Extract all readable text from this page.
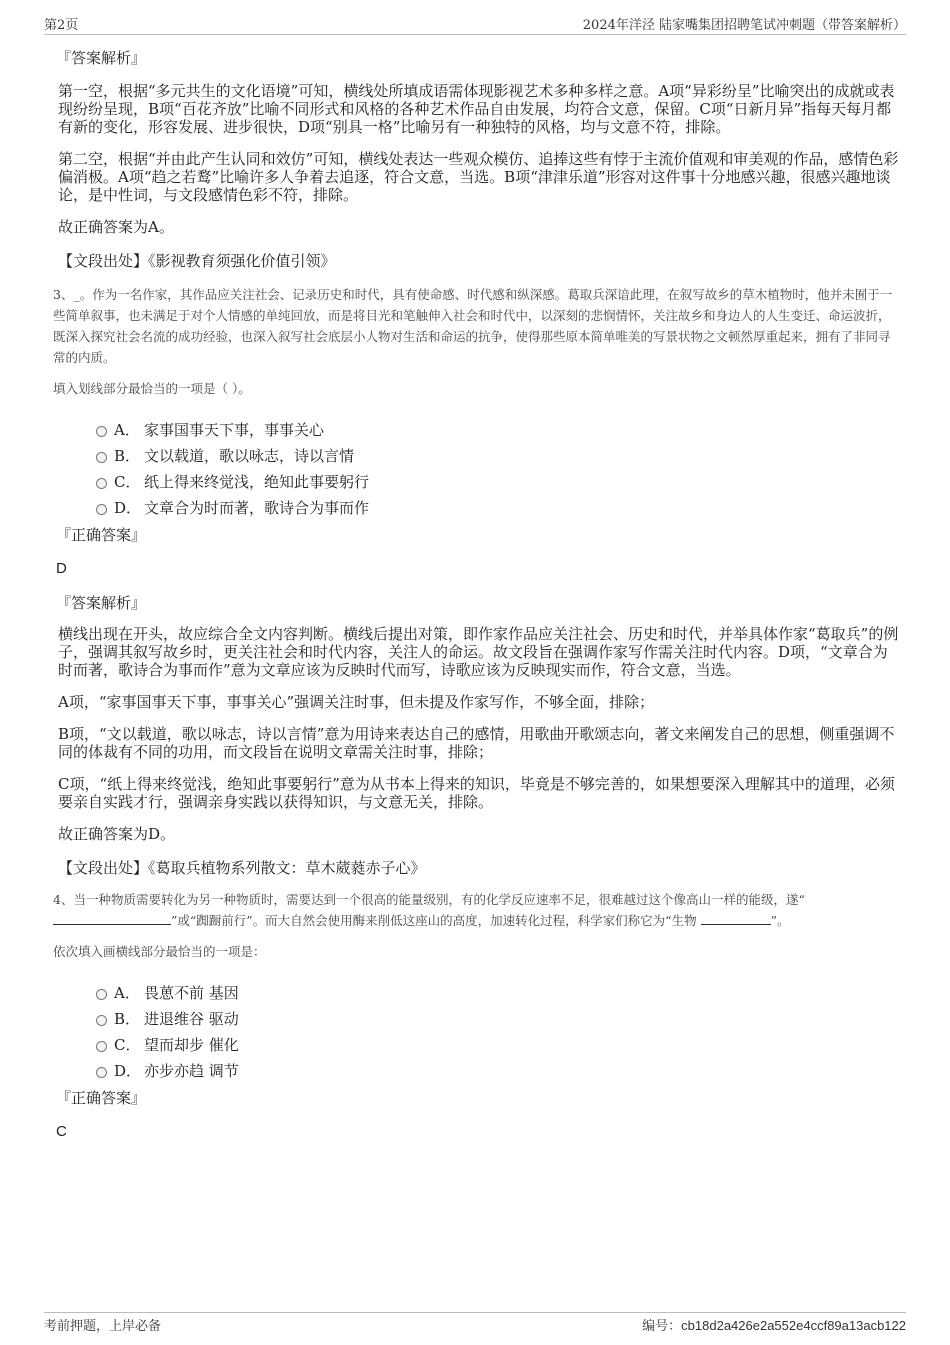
第2页	2024年洋泾 陆家嘴集团招聘笔试冲刺题（带答案解析）

『答案解析』

第一空，根据“多元共生的文化语境”可知，横线处所填成语需体现影视艺术多种多样之意。A项“异彩纷呈”比喻突出的成就或表现纷纷呈现，B项“百花齐放”比喻不同形式和风格的各种艺术作品自由发展，均符合文意，保留。C项“日新月异”指每天每月都有新的变化，形容发展、进步很快，D项“别具一格”比喻另有一种独特的风格，均与文意不符，排除。

第二空，根据“并由此产生认同和效仿”可知，横线处表达一些观众模仿、追捧这些有悖于主流价值观和审美观的作品，感情色彩偏消极。A项“趋之若鹜”比喻许多人争着去追逐，符合文意，当选。B项“津津乐道”形容对这件事十分地感兴趣，很感兴趣地谈论，是中性词，与文段感情色彩不符，排除。

故正确答案为A。

【文段出处】《影视教育须强化价值引领》

3、_。作为一名作家，其作品应关注社会、记录历史和时代，具有使命感、时代感和纵深感。葛取兵深谙此理，在叙写故乡的草木植物时，他并未囿于一些简单叙事，也未满足于对个人情感的单纯回放，而是将目光和笔触伸入社会和时代中，以深刻的悲悯情怀，关注故乡和身边人的人生变迁、命运波折，既深入探究社会名流的成功经验，也深入叙写社会底层小人物对生活和命运的抗争，使得那些原本简单唯美的写景状物之文顿然厚重起来，拥有了非同寻常的内质。

填入划线部分最恰当的一项是（ ）。

A． 家事国事天下事，事事关心
B． 文以载道，歌以咏志，诗以言情
C． 纸上得来终觉浅，绝知此事要躬行
D． 文章合为时而著，歌诗合为事而作

『正确答案』

D

『答案解析』

横线出现在开头，故应综合全文内容判断。横线后提出对策，即作家作品应关注社会、历史和时代，并举具体作家“葛取兵”的例子，强调其叙写故乡时，更关注社会和时代内容，关注人的命运。故文段旨在强调作家写作需关注时代内容。D项，“文章合为时而著，歌诗合为事而作”意为文章应该为反映时代而写，诗歌应该为反映现实而作，符合文意，当选。

A项，“家事国事天下事，事事关心”强调关注时事，但未提及作家写作，不够全面，排除；

B项，“文以载道，歌以咏志，诗以言情”意为用诗来表达自己的感情，用歌曲开歌颂志向，著文来阐发自己的思想，侧重强调不同的体裁有不同的功用，而文段旨在说明文章需关注时事，排除；

C项，“纸上得来终觉浅，绝知此事要躬行”意为从书本上得来的知识，毕竟是不够完善的，如果想要深入理解其中的道理，必须要亲自实践才行，强调亲身实践以获得知识，与文意无关，排除。

故正确答案为D。

【文段出处】《葛取兵植物系列散文：草木葳蕤赤子心》

4、当一种物质需要转化为另一种物质时，需要达到一个很高的能量级别，有的化学反应速率不足，很难越过这个像高山一样的能级，遂“”或“踟蹰前行”。而大自然会使用酶来削低这座山的高度，加速转化过程，科学家们称它为“生物	”。

依次填入画横线部分最恰当的一项是：

A． 畏葸不前 基因
B． 进退维谷 驱动
C． 望而却步 催化
D． 亦步亦趋 调节

『正确答案』

C

考前押题，上岸必备	编号：cb18d2a426e2a552e4ccf89a13acb122
